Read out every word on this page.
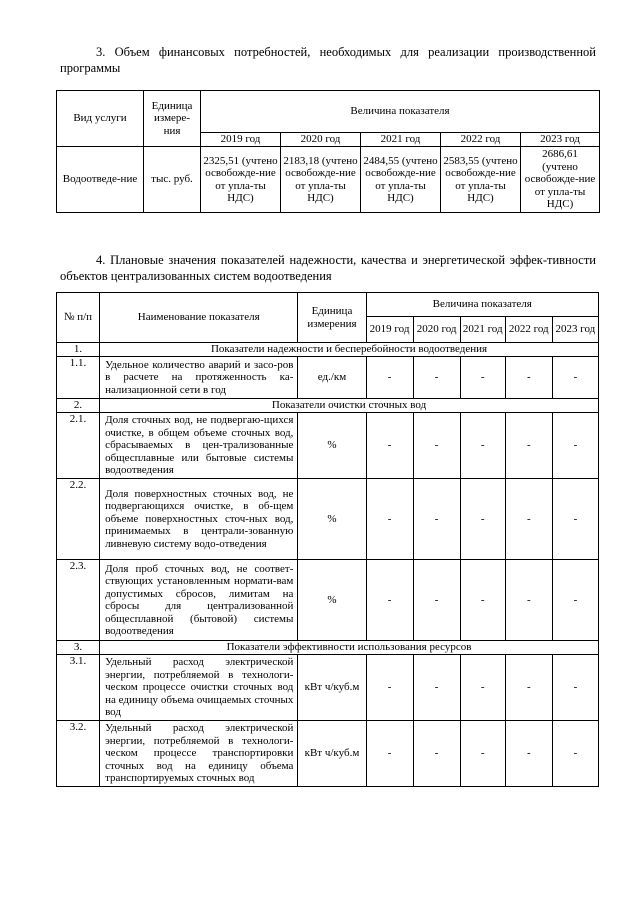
3. Объем финансовых потребностей, необходимых для реализации производственной программы
Вид услуги	Единица измере-ния	Величина показателя				
		2019 год	2020 год	2021 год	2022 год	2023 год
Водоотведе-ние	тыс. руб.	2325,51 (учтено освобожде-ние от упла-ты НДС)	2183,18 (учтено освобожде-ние от упла-ты НДС)	2484,55 (учтено освобожде-ние от упла-ты НДС)	2583,55 (учтено освобожде-ние от упла-ты НДС)	2686,61 (учтено освобожде-ние от упла-ты НДС)
4. Плановые значения показателей надежности, качества и энергетической эффек-тивности объектов централизованных систем водоотведения
№ п/п	Наименование показателя	Единица измерения	Величина показателя				
			2019 год	2020 год	2021 год	2022 год	2023 год
1.	Показатели надежности и бесперебойности водоотведения						
1.1.	Удельное количество аварий и засо-ров в расчете на протяженность ка-нализационной сети в год	ед./км	-	-	-	-	-
2.	Показатели очистки сточных вод						
2.1.	Доля сточных вод, не подвергаю-щихся очистке, в общем объеме сточных вод, сбрасываемых в цен-трализованные общесплавные или бытовые системы водоотведения	%	-	-	-	-	-
2.2.	Доля поверхностных сточных вод, не подвергающихся очистке, в об-щем объеме поверхностных сточ-ных вод, принимаемых в централи-зованную ливневую систему водо-отведения	%	-	-	-	-	-
2.3.	Доля проб сточных вод, не соответ-ствующих установленным нормати-вам допустимых сбросов, лимитам на сбросы для централизованной общесплавной (бытовой) системы водоотведения	%	-	-	-	-	-
3.	Показатели эффективности использования ресурсов						
3.1.	Удельный расход электрической энергии, потребляемой в технологи-ческом процессе очистки сточных вод на единицу объема очищаемых сточных вод	кВт ч/куб.м	-	-	-	-	-
3.2.	Удельный расход электрической энергии, потребляемой в технологи-ческом процессе транспортировки сточных вод на единицу объема транспортируемых сточных вод	кВт ч/куб.м	-	-	-	-	-
